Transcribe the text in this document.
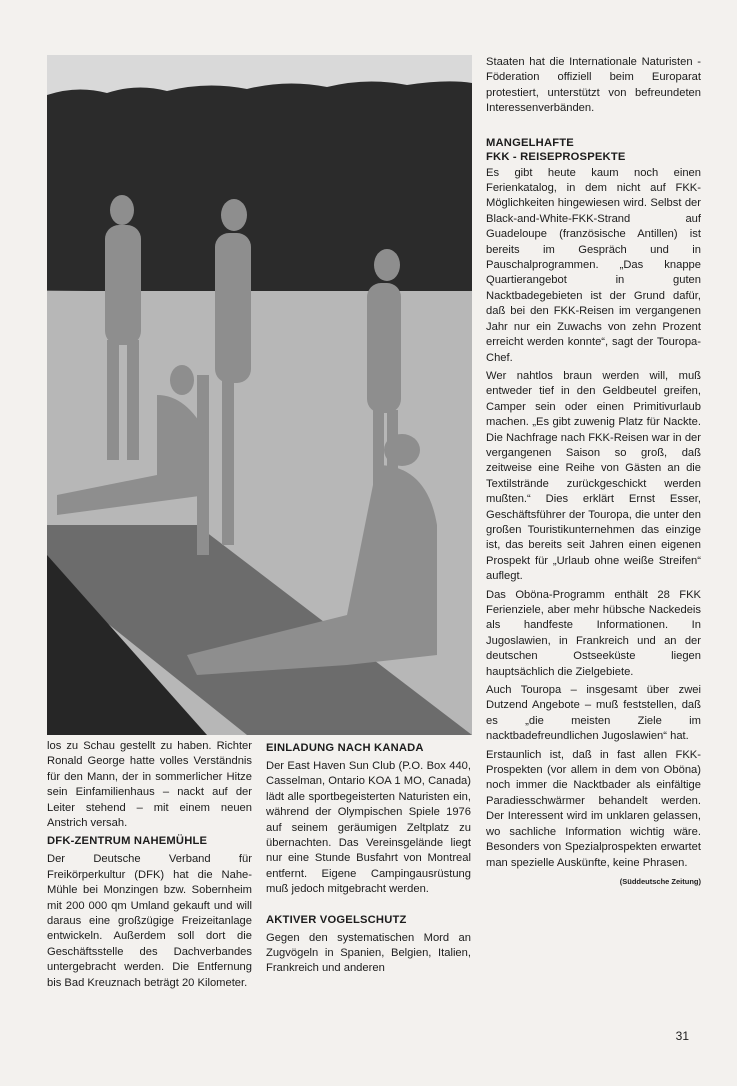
los zu Schau gestellt zu haben. Richter Ronald George hatte volles Verständnis für den Mann, der in sommerlicher Hitze sein Einfamilienhaus – nackt auf der Leiter stehend – mit einem neuen Anstrich versah.

DFK-ZENTRUM NAHEMÜHLE

Der Deutsche Verband für Freikörperkultur (DFK) hat die Nahe-Mühle bei Monzingen bzw. Sobernheim mit 200 000 qm Umland gekauft und will daraus eine großzügige Freizeitanlage entwickeln. Außerdem soll dort die Geschäftsstelle des Dachverbandes untergebracht werden. Die Entfernung bis Bad Kreuznach beträgt 20 Kilometer.

EINLADUNG NACH KANADA

Der East Haven Sun Club (P.O. Box 440, Casselman, Ontario KOA 1 MO, Canada) lädt alle sportbegeisterten Naturisten ein, während der Olympischen Spiele 1976 auf seinem geräumigen Zeltplatz zu übernachten. Das Vereinsgelände liegt nur eine Stunde Busfahrt von Montreal entfernt. Eigene Campingausrüstung muß jedoch mitgebracht werden.

AKTIVER VOGELSCHUTZ

Gegen den systematischen Mord an Zugvögeln in Spanien, Belgien, Italien, Frankreich und anderen

Staaten hat die Internationale Naturisten - Föderation offiziell beim Europarat protestiert, unterstützt von befreundeten Interessenverbänden.

MANGELHAFTE
FKK - REISEPROSPEKTE

Es gibt heute kaum noch einen Ferienkatalog, in dem nicht auf FKK-Möglichkeiten hingewiesen wird. Selbst der Black-and-White-FKK-Strand auf Guadeloupe (französische Antillen) ist bereits im Gespräch und in Pauschalprogrammen. „Das knappe Quartierangebot in guten Nacktbadegebieten ist der Grund dafür, daß bei den FKK-Reisen im vergangenen Jahr nur ein Zuwachs von zehn Prozent erreicht werden konnte“, sagt der Touropa-Chef.

Wer nahtlos braun werden will, muß entweder tief in den Geldbeutel greifen, Camper sein oder einen Primitivurlaub machen. „Es gibt zuwenig Platz für Nackte. Die Nachfrage nach FKK-Reisen war in der vergangenen Saison so groß, daß zeitweise eine Reihe von Gästen an die Textilstrände zurückgeschickt werden mußten.“ Dies erklärt Ernst Esser, Geschäftsführer der Touropa, die unter den großen Touristikunternehmen das einzige ist, das bereits seit Jahren einen eigenen Prospekt für „Urlaub ohne weiße Streifen“ auflegt.

Das Oböna-Programm enthält 28 FKK Ferienziele, aber mehr hübsche Nackedeis als handfeste Informationen. In Jugoslawien, in Frankreich und an der deutschen Ostseeküste liegen hauptsächlich die Zielgebiete.

Auch Touropa – insgesamt über zwei Dutzend Angebote – muß feststellen, daß es „die meisten Ziele im nacktbadefreundlichen Jugoslawien“ hat.

Erstaunlich ist, daß in fast allen FKK-Prospekten (vor allem in dem von Oböna) noch immer die Nacktbader als einfältige Paradiesschwärmer behandelt werden. Der Interessent wird im unklaren gelassen, wo sachliche Information wichtig wäre. Besonders von Spezialprospekten erwartet man spezielle Auskünfte, keine Phrasen.

(Süddeutsche Zeitung)
31
